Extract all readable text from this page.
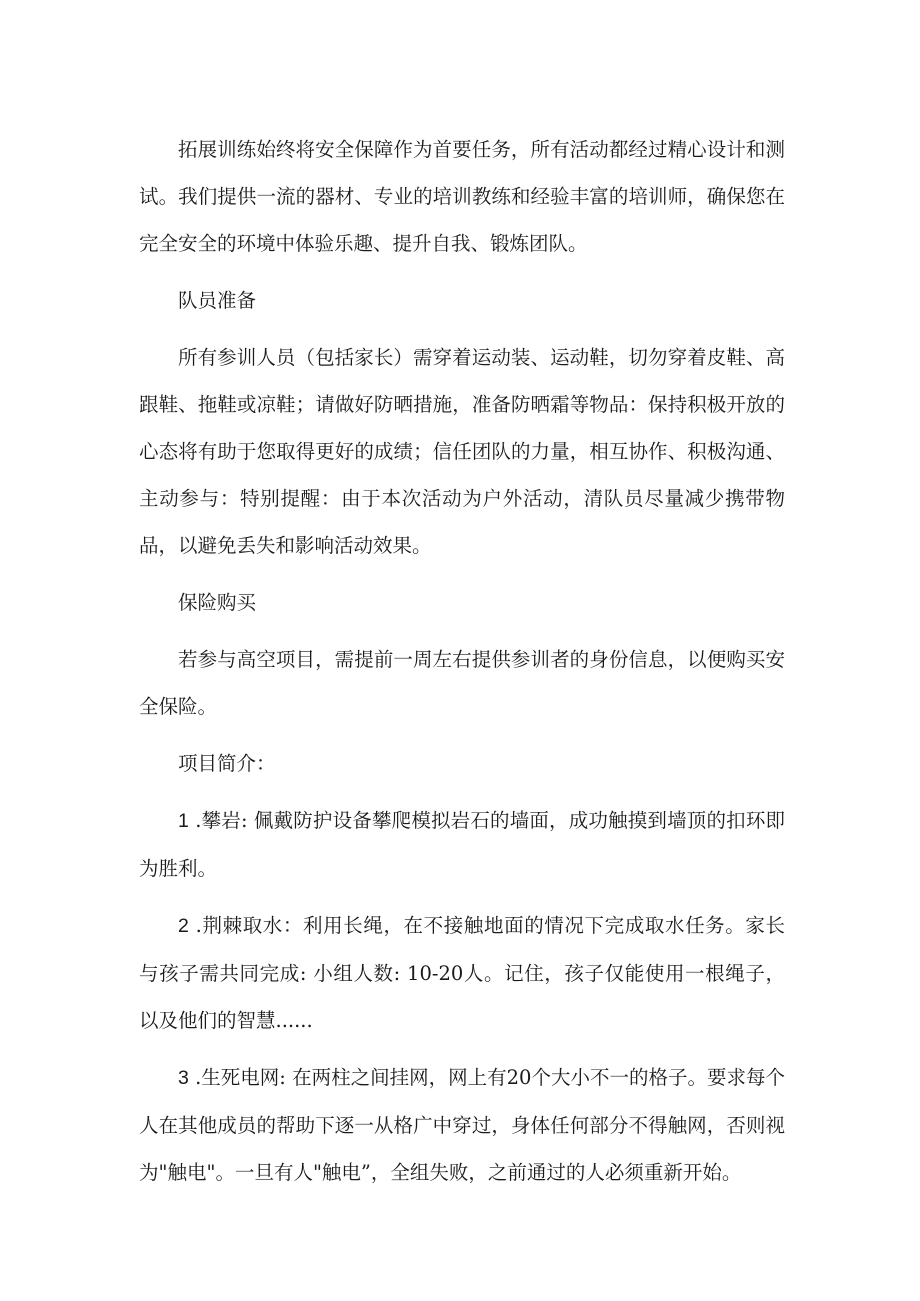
拓展训练始终将安全保障作为首要任务，所有活动都经过精心设计和测试。我们提供一流的器材、专业的培训教练和经验丰富的培训师，确保您在完全安全的环境中体验乐趣、提升自我、锻炼团队。

队员准备

所有参训人员（包括家长）需穿着运动装、运动鞋，切勿穿着皮鞋、高跟鞋、拖鞋或凉鞋；请做好防晒措施，准备防晒霜等物品：保持积极开放的心态将有助于您取得更好的成绩；信任团队的力量，相互协作、积极沟通、主动参与：特别提醒：由于本次活动为户外活动，清队员尽量减少携带物品，以避免丢失和影响活动效果。

保险购买

若参与高空项目，需提前一周左右提供参训者的身份信息，以便购买安全保险。

项目简介：

1 .攀岩: 佩戴防护设备攀爬模拟岩石的墙面，成功触摸到墙顶的扣环即为胜利。

2 .荆棘取水：利用长绳，在不接触地面的情况下完成取水任务。家长与孩子需共同完成: 小组人数: 10-20人。记住，孩子仅能使用一根绳子，以及他们的智慧......

3 .生死电网: 在两柱之间挂网，网上有20个大小不一的格子。要求每个人在其他成员的帮助下逐一从格广中穿过，身体任何部分不得触网，否则视为"触电"。一旦有人"触电”，全组失败，之前通过的人必须重新开始。
